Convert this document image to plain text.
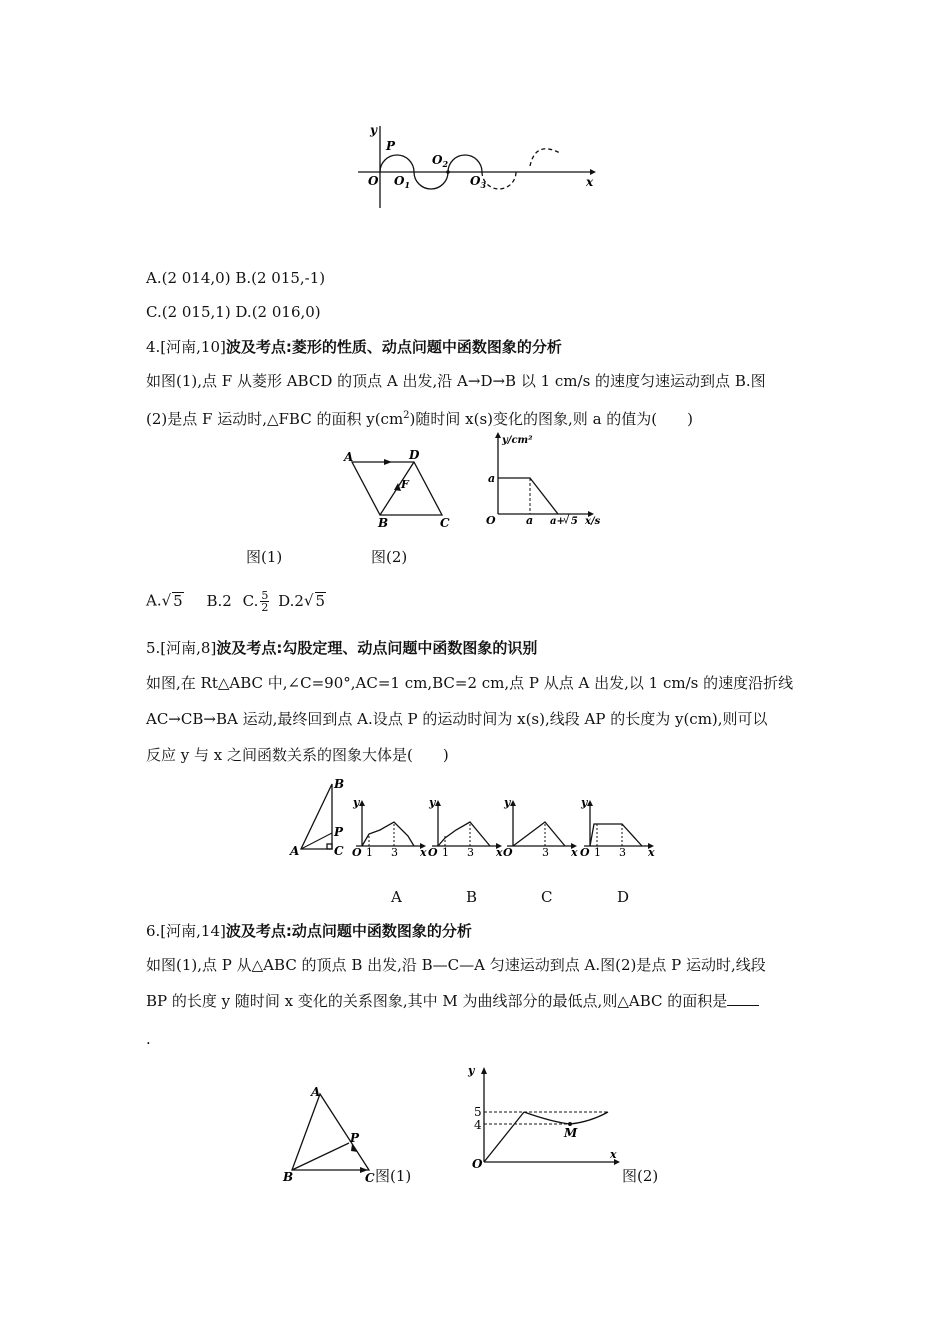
y
P
O $O_1$
$O_2$
$O_3$	x
A.(2 014,0) B.(2 015,-1)
C.(2 015,1) D.(2 016,0)
4.[河南,10]波及考点:菱形的性质、动点问题中函数图象的分析
如图(1),点 F 从菱形 ABCD 的顶点 A 出发,沿 A→D→B 以 1 cm/s 的速度匀速运动到点 B.图
(2)是点 F 运动时,△FBC 的面积 $y(cm^2)$随时间 x(s)变化的图象,则 a 的值为(　　)
A	D
F
B	C
y/cm²
a
O	a a+ 5 x/s
图(1)	图(2)
A.√ 5 B.2 C. $\frac{5}{2} D.2√$ 5
5.[河南,8]波及考点:勾股定理、动点问题中函数图象的识别
如图,在 Rt△ABC 中,∠C=90°,AC=1 cm,BC=2 cm,点 P 从点 A 出发,以 1 cm/s 的速度沿折线
AC→CB→BA 运动,最终回到点 A.设点 P 的运动时间为 x(s),线段 AP 的长度为 y(cm),则可以
反应 y 与 x 之间函数关系的图象大体是(　　)
B
P
A	C
y
O 1 3 x
y
O 1 3 x
y
O	3 x
y
O 1 3 x
A	B	C	D
6.[河南,14]波及考点:动点问题中函数图象的分析
如图(1),点 P 从△ABC 的顶点 B 出发,沿 B—C—A 匀速运动到点 A.图(2)是点 P 运动时,线段
BP 的长度 y 随时间 x 变化的关系图象,其中 M 为曲线部分的最低点,则△ABC 的面积是
.
A
P
B	C 图(1)
y
5
4
M
O
x
图(2)
